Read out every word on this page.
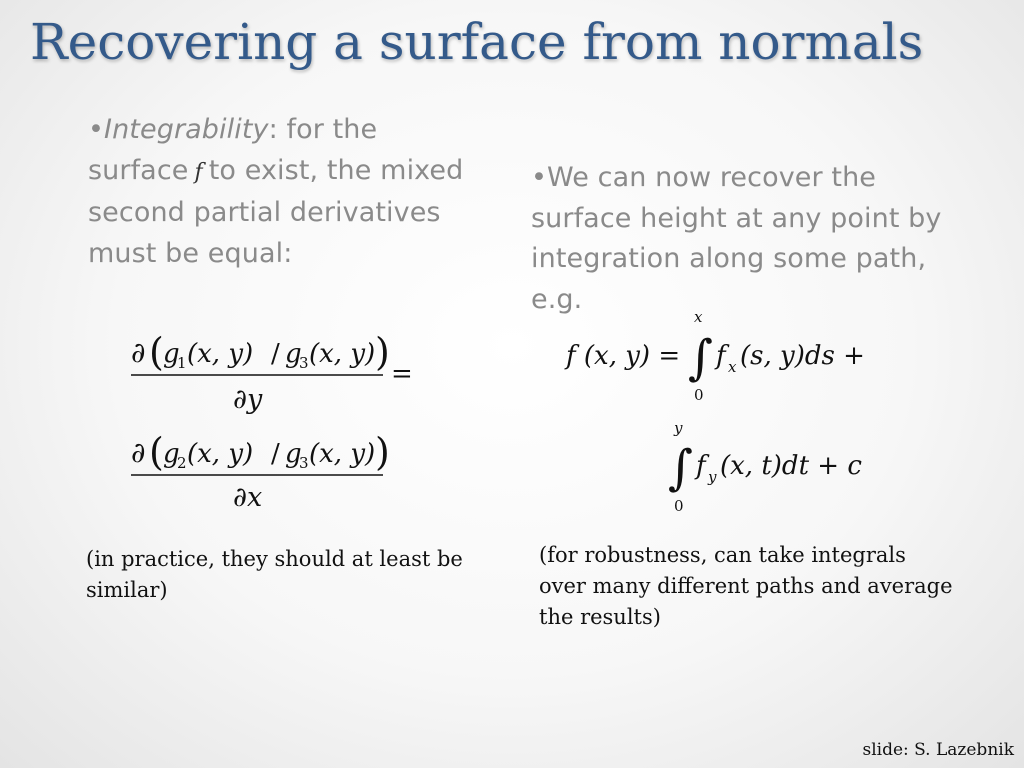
Recovering a surface from normals
•Integrability: for the surface f to exist, the mixed second partial derivatives must be equal:
∂ ( g
1 (x, y) / g
3 (x, y) ) =
∂y
∂ ( g
2 (x, y) / g
3 (x, y) )
∂x
(in practice, they should at least be similar)
•We can now recover the surface height at any point by integration along some path, e.g.
f (x, y) =
x
∫
0
f x (s, y)ds +
y
∫
0
f y (x, t)dt + c
(for robustness, can take integrals over many different paths and average the results)
slide: S. Lazebnik
